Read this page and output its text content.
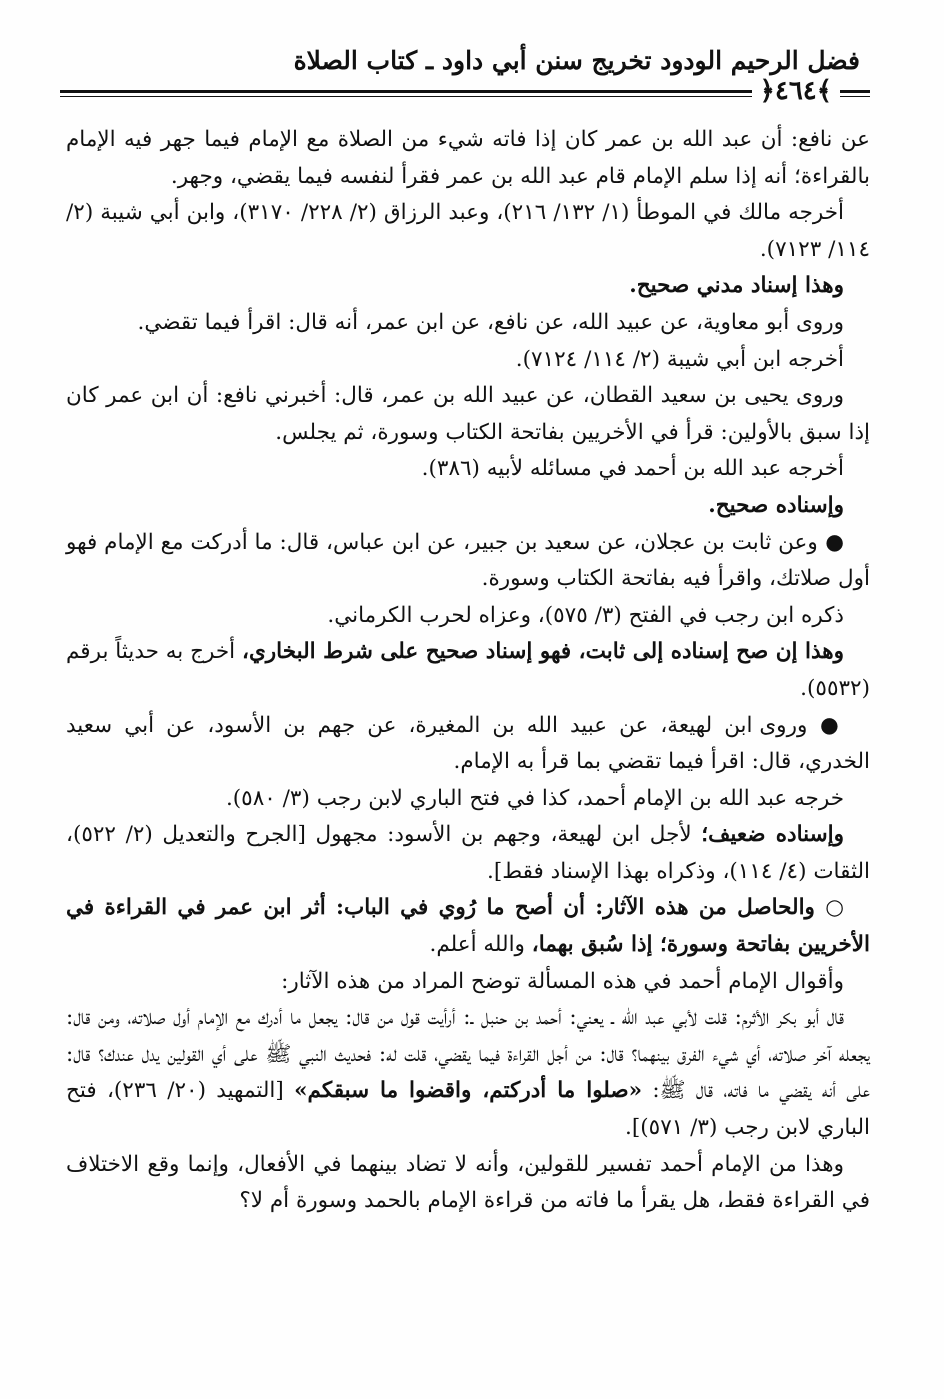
فضل الرحيم الودود تخريج سنن أبي داود ـ كتاب الصلاة
﴾٤٦٤﴿

عن نافع: أن عبد الله بن عمر كان إذا فاته شيء من الصلاة مع الإمام فيما جهر فيه الإمام بالقراءة؛ أنه إذا سلم الإمام قام عبد الله بن عمر فقرأ لنفسه فيما يقضي، وجهر.

أخرجه مالك في الموطأ (١/ ١٣٢/ ٢١٦)، وعبد الرزاق (٢/ ٢٢٨/ ٣١٧٠)، وابن أبي شيبة (٢/ ١١٤/ ٧١٢٣).

وهذا إسناد مدني صحيح.

وروى أبو معاوية، عن عبيد الله، عن نافع، عن ابن عمر، أنه قال: اقرأ فيما تقضي.

أخرجه ابن أبي شيبة (٢/ ١١٤/ ٧١٢٤).

وروى يحيى بن سعيد القطان، عن عبيد الله بن عمر، قال: أخبرني نافع: أن ابن عمر كان إذا سبق بالأولين: قرأ في الأخريين بفاتحة الكتاب وسورة، ثم يجلس.

أخرجه عبد الله بن أحمد في مسائله لأبيه (٣٨٦).

وإسناده صحيح.

● وعن ثابت بن عجلان، عن سعيد بن جبير، عن ابن عباس، قال: ما أدركت مع الإمام فهو أول صلاتك، واقرأ فيه بفاتحة الكتاب وسورة.

ذكره ابن رجب في الفتح (٣/ ٥٧٥)، وعزاه لحرب الكرماني.

وهذا إن صح إسناده إلى ثابت، فهو إسناد صحيح على شرط البخاري، أخرج به حديثاً برقم (٥٥٣٢).

● وروى ابن لهيعة، عن عبيد الله بن المغيرة، عن جهم بن الأسود، عن أبي سعيد الخدري، قال: اقرأ فيما تقضي بما قرأ به الإمام.

خرجه عبد الله بن الإمام أحمد، كذا في فتح الباري لابن رجب (٣/ ٥٨٠).

وإسناده ضعيف؛ لأجل ابن لهيعة، وجهم بن الأسود: مجهول [الجرح والتعديل (٢/ ٥٢٢)، الثقات (٤/ ١١٤)، وذكراه بهذا الإسناد فقط].

○ والحاصل من هذه الآثار: أن أصح ما رُوي في الباب: أثر ابن عمر في القراءة في الأخريين بفاتحة وسورة؛ إذا سُبق بهما، والله أعلم.

وأقوال الإمام أحمد في هذه المسألة توضح المراد من هذه الآثار:

قال أبو بكر الأثرم: قلت لأبي عبد الله ـ يعني: أحمد بن حنبل ـ: أرأيت قول من قال: يجعل ما أدرك مع الإمام أول صلاته، ومن قال: يجعله آخر صلاته، أي شيء الفرق بينهما؟ قال: من أجل القراءة فيما يقضي، قلت له: فحديث النبي ﷺ على أي القولين يدل عندك؟ قال: على أنه يقضي ما فاته، قال ﷺ: «صلوا ما أدركتم، واقضوا ما سبقكم» [التمهيد (٢٠/ ٢٣٦)، فتح الباري لابن رجب (٣/ ٥٧١)].

وهذا من الإمام أحمد تفسير للقولين، وأنه لا تضاد بينهما في الأفعال، وإنما وقع الاختلاف في القراءة فقط، هل يقرأ ما فاته من قراءة الإمام بالحمد وسورة أم لا؟
